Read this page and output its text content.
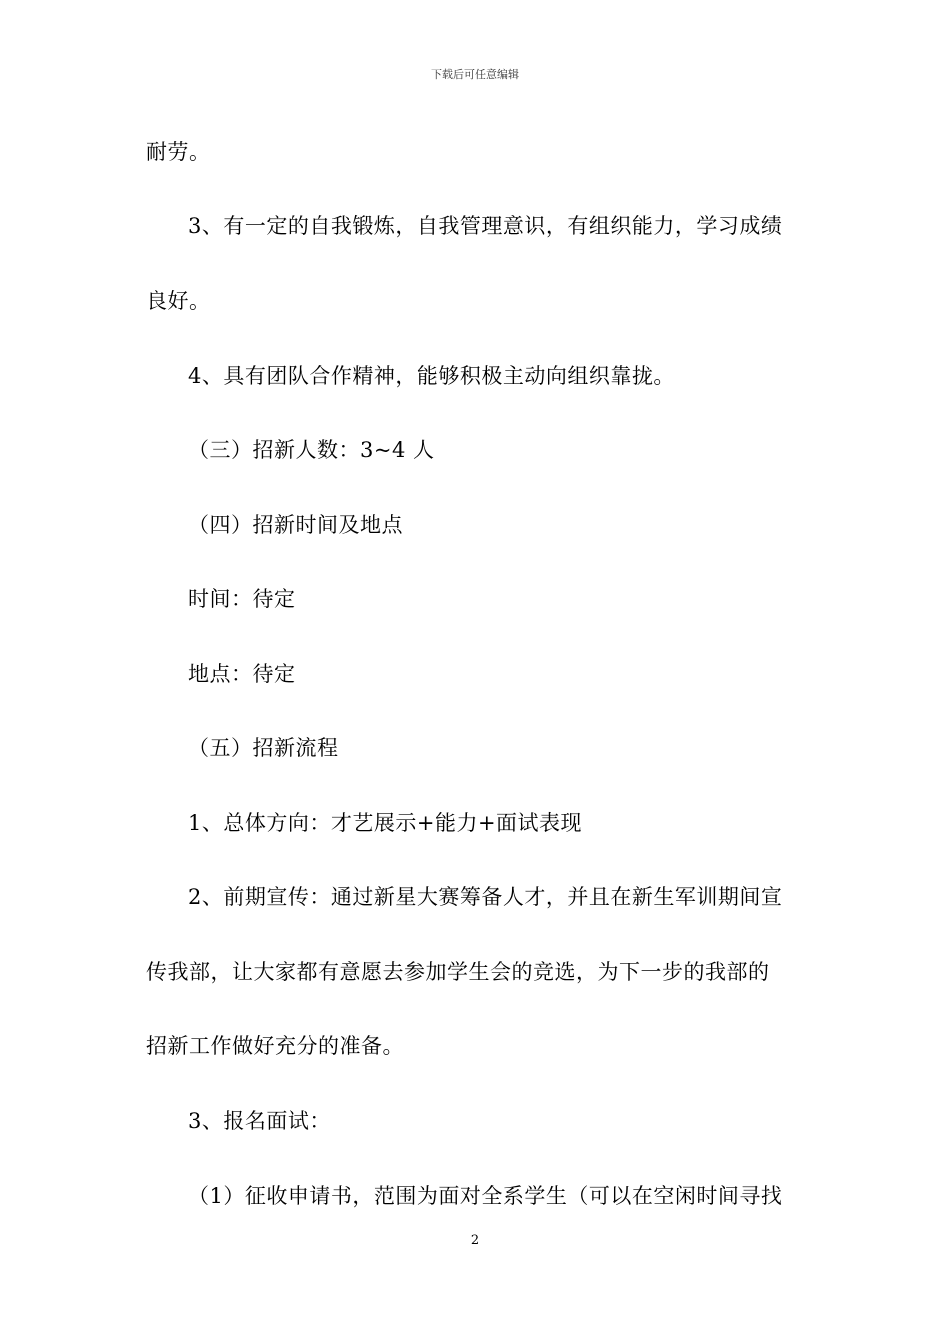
下载后可任意编辑
耐劳。
3、有一定的自我锻炼，自我管理意识，有组织能力，学习成绩
良好。
4、具有团队合作精神，能够积极主动向组织靠拢。
（三）招新人数：3~4 人
（四）招新时间及地点
时间：待定
地点：待定
（五）招新流程
1、总体方向：才艺展示+能力+面试表现
2、前期宣传：通过新星大赛筹备人才，并且在新生军训期间宣
传我部，让大家都有意愿去参加学生会的竞选，为下一步的我部的
招新工作做好充分的准备。
3、报名面试：
（1）征收申请书，范围为面对全系学生（可以在空闲时间寻找
2
